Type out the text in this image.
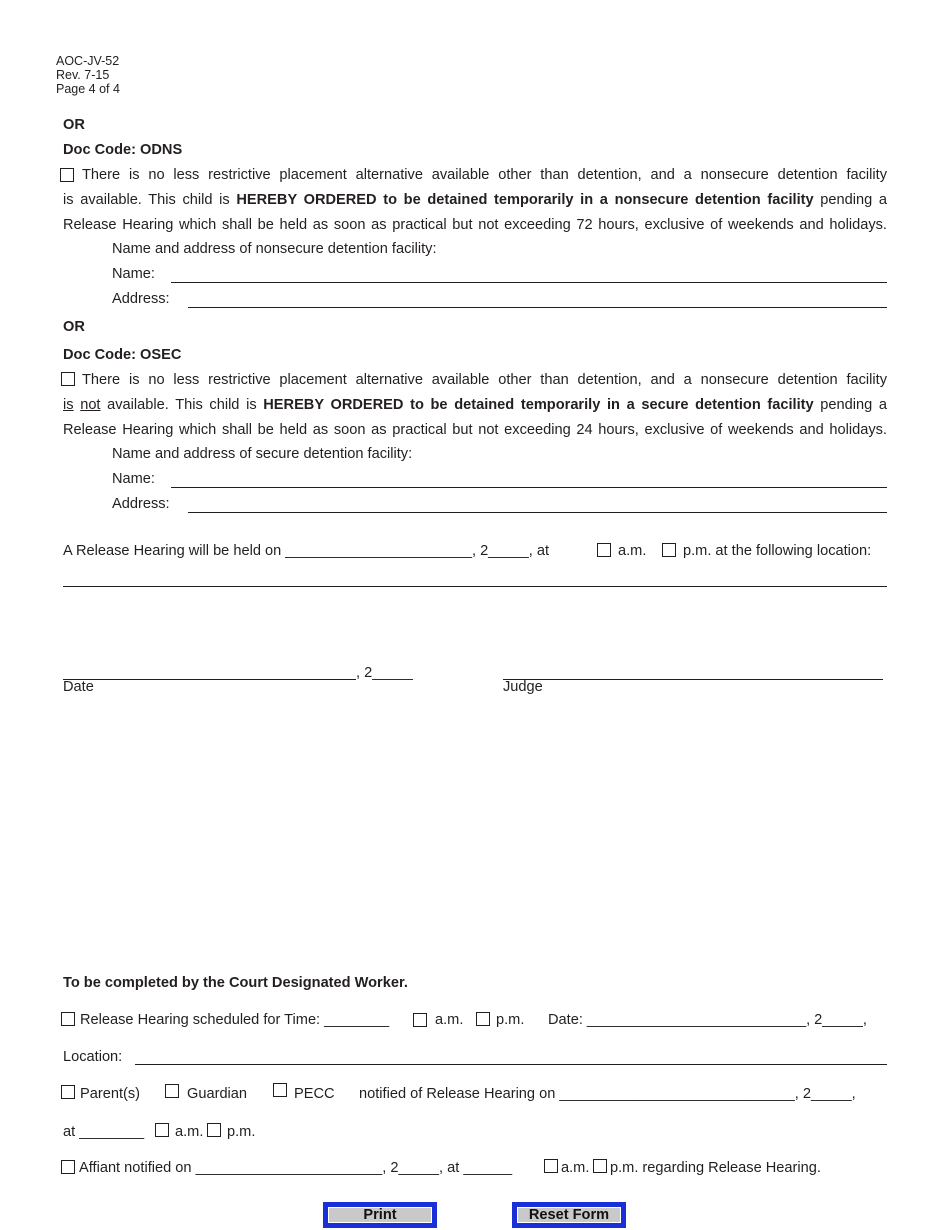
AOC-JV-52
Rev. 7-15
Page 4 of 4
OR
Doc Code: ODNS
There is no less restrictive placement alternative available other than detention, and a nonsecure detention facility
is available. This child is HEREBY ORDERED to be detained temporarily in a nonsecure detention facility pending a
Release Hearing which shall be held as soon as practical but not exceeding 72 hours, exclusive of weekends and holidays.
Name and address of nonsecure detention facility:
Name:
Address:
OR
Doc Code: OSEC
There is no less restrictive placement alternative available other than detention, and a nonsecure detention facility
is not available. This child is HEREBY ORDERED to be detained temporarily in a secure detention facility pending a
Release Hearing which shall be held as soon as practical but not exceeding 24 hours, exclusive of weekends and holidays.
Name and address of secure detention facility:
Name:
Address:
A Release Hearing will be held on _______________________, 2_____, at	a.m.	p.m. at the following location:
, 2_____
Date	Judge
To be completed by the Court Designated Worker.
Release Hearing scheduled for Time: ________	a.m. p.m. Date: ___________________________, 2_____,
Location:
Parent(s)	Guardian	PECC notified of Release Hearing on _____________________________, 2_____,
at ________ a.m. p.m.
Affiant notified on _______________________, 2_____, at ______	a.m. p.m. regarding Release Hearing.
Print	Reset Form
